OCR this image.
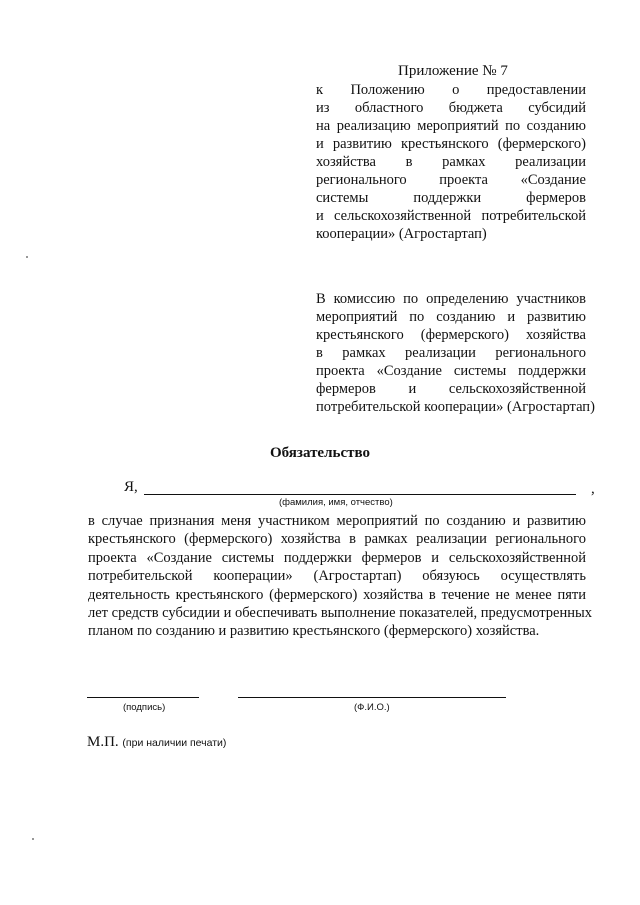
Приложение № 7
к Положению о предоставлении
из областного бюджета субсидий
на реализацию мероприятий по созданию
и развитию крестьянского (фермерского)
хозяйства в рамках реализации
регионального проекта «Создание
системы поддержки фермеров
и сельскохозяйственной потребительской
кооперации» (Агростартап)
В комиссию по определению участников
мероприятий по созданию и развитию
крестьянского (фермерского) хозяйства
в рамках реализации регионального
проекта «Создание системы поддержки
фермеров и сельскохозяйственной
потребительской кооперации» (Агростартап)
Обязательство
Я,	,
(фамилия, имя, отчество)
в случае признания меня участником мероприятий по созданию и развитию
крестьянского (фермерского) хозяйства в рамках реализации регионального
проекта «Создание системы поддержки фермеров и сельскохозяйственной
потребительской кооперации» (Агростартап) обязуюсь осуществлять
деятельность крестьянского (фермерского) хозяйства в течение не менее пяти
лет средств субсидии и обеспечивать выполнение показателей, предусмотренных
планом по созданию и развитию крестьянского (фермерского) хозяйства.
(подпись)	(Ф.И.О.)
М.П. (при наличии печати)
